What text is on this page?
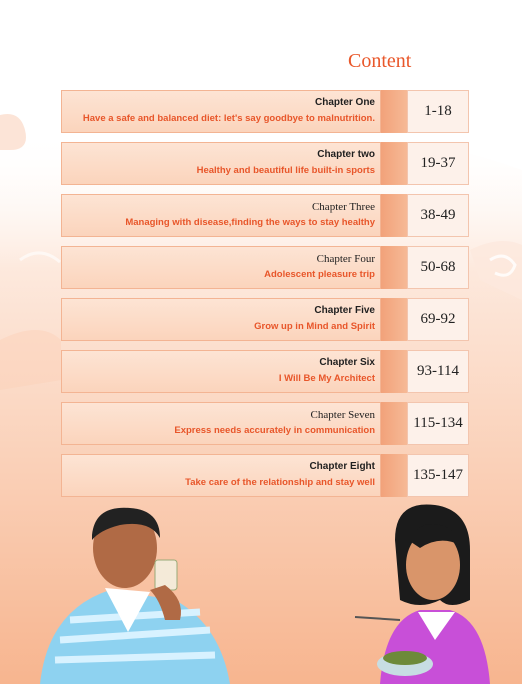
Content
Chapter One
Have a safe and balanced diet: let's say goodbye to malnutrition.	1-18
Chapter two
Healthy and beautiful life built-in sports	19-37
Chapter Three
Managing with disease,finding the ways to stay healthy	38-49
Chapter Four
Adolescent pleasure trip	50-68
Chapter Five
Grow up in Mind and Spirit	69-92
Chapter Six
I Will Be My Architect	93-114
Chapter Seven
Express needs accurately in communication	115-134
Chapter Eight
Take care of the relationship and stay well	135-147
